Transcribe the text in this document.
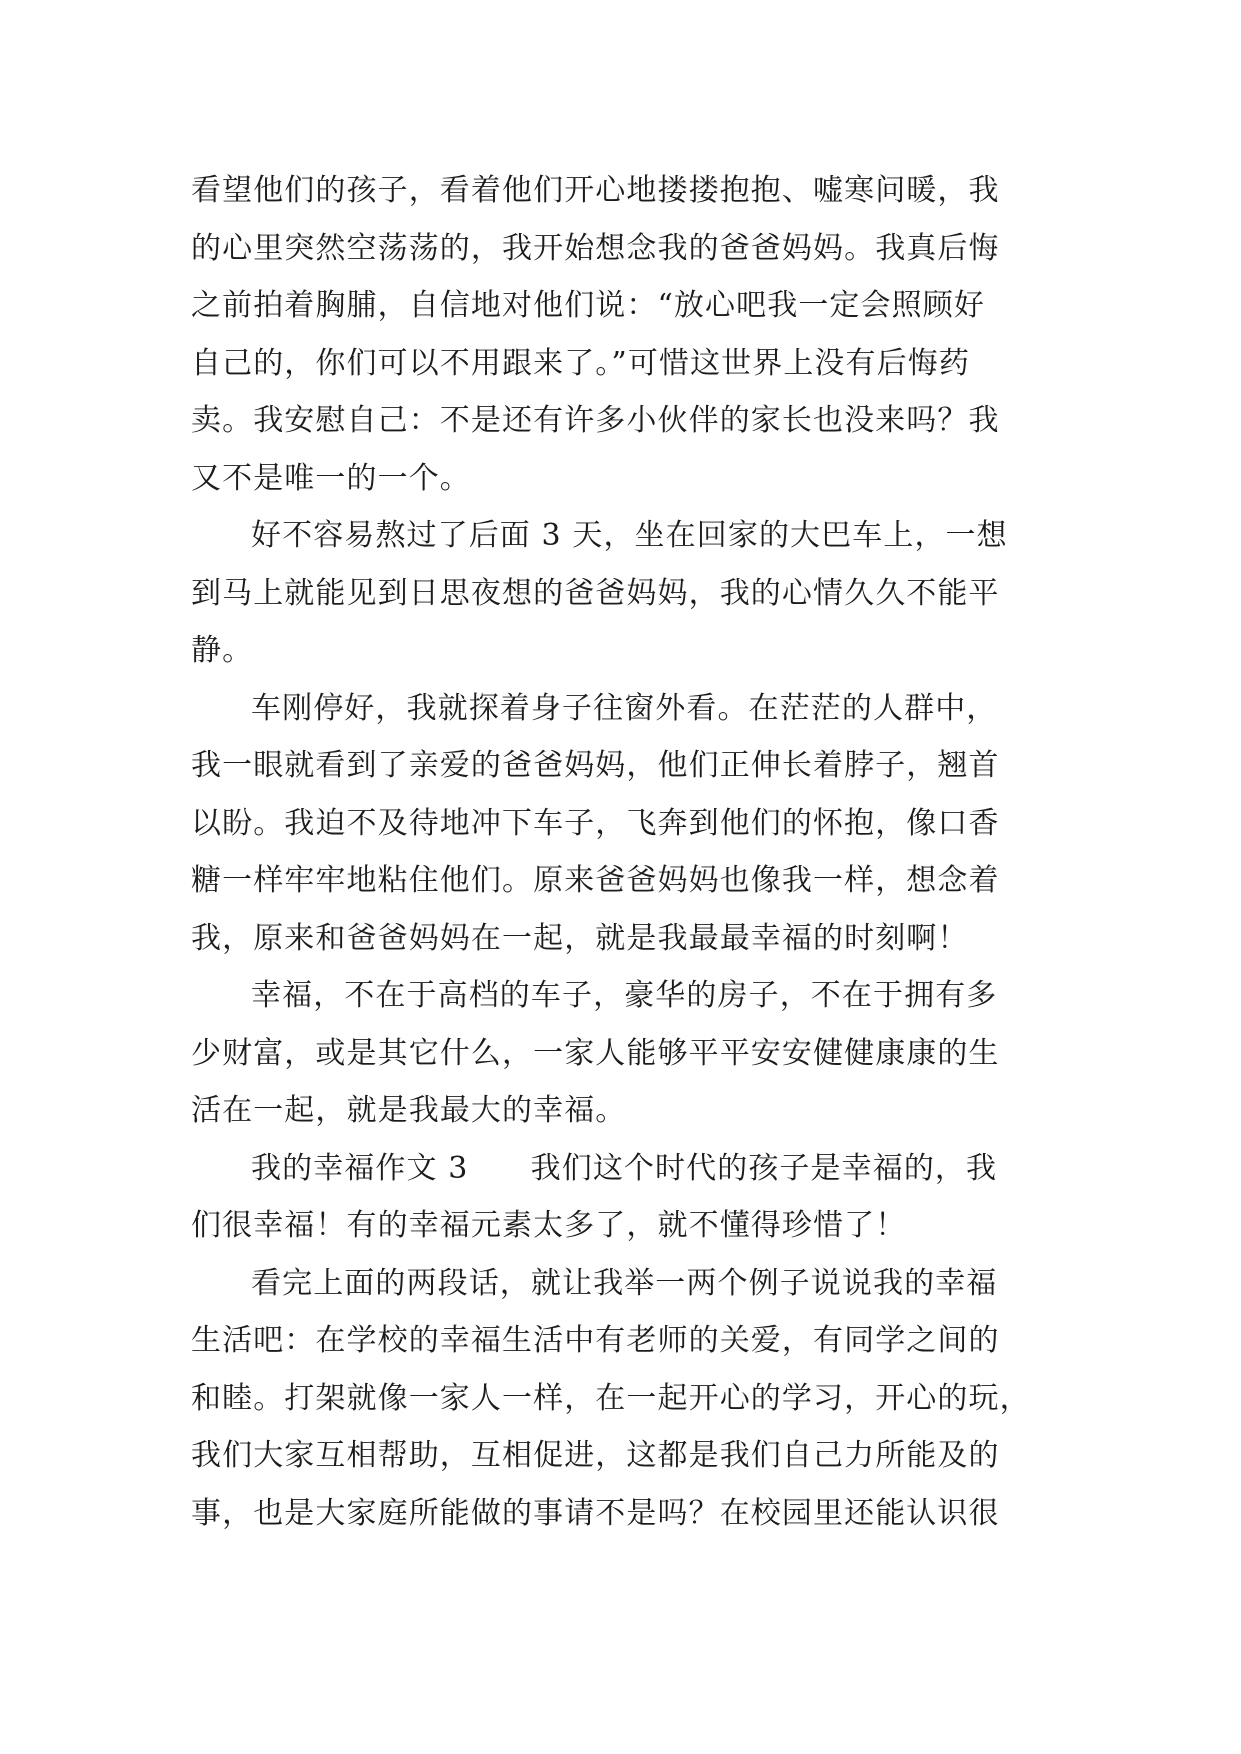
看望他们的孩子，看着他们开心地搂搂抱抱、嘘寒问暖，我
的心里突然空荡荡的，我开始想念我的爸爸妈妈。我真后悔
之前拍着胸脯，自信地对他们说：“放心吧我一定会照顾好
自己的，你们可以不用跟来了。”可惜这世界上没有后悔药
卖。我安慰自己：不是还有许多小伙伴的家长也没来吗？我
又不是唯一的一个。
好不容易熬过了后面 3 天，坐在回家的大巴车上，一想
到马上就能见到日思夜想的爸爸妈妈，我的心情久久不能平
静。
车刚停好，我就探着身子往窗外看。在茫茫的人群中，
我一眼就看到了亲爱的爸爸妈妈，他们正伸长着脖子，翘首
以盼。我迫不及待地冲下车子，飞奔到他们的怀抱，像口香
糖一样牢牢地粘住他们。原来爸爸妈妈也像我一样，想念着
我，原来和爸爸妈妈在一起，就是我最最幸福的时刻啊！
幸福，不在于高档的车子，豪华的房子，不在于拥有多
少财富，或是其它什么，一家人能够平平安安健健康康的生
活在一起，就是我最大的幸福。
我的幸福作文 3　　我们这个时代的孩子是幸福的，我
们很幸福！有的幸福元素太多了，就不懂得珍惜了！
看完上面的两段话，就让我举一两个例子说说我的幸福
生活吧：在学校的幸福生活中有老师的关爱，有同学之间的
和睦。打架就像一家人一样，在一起开心的学习，开心的玩，
我们大家互相帮助，互相促进，这都是我们自己力所能及的
事，也是大家庭所能做的事请不是吗？在校园里还能认识很
